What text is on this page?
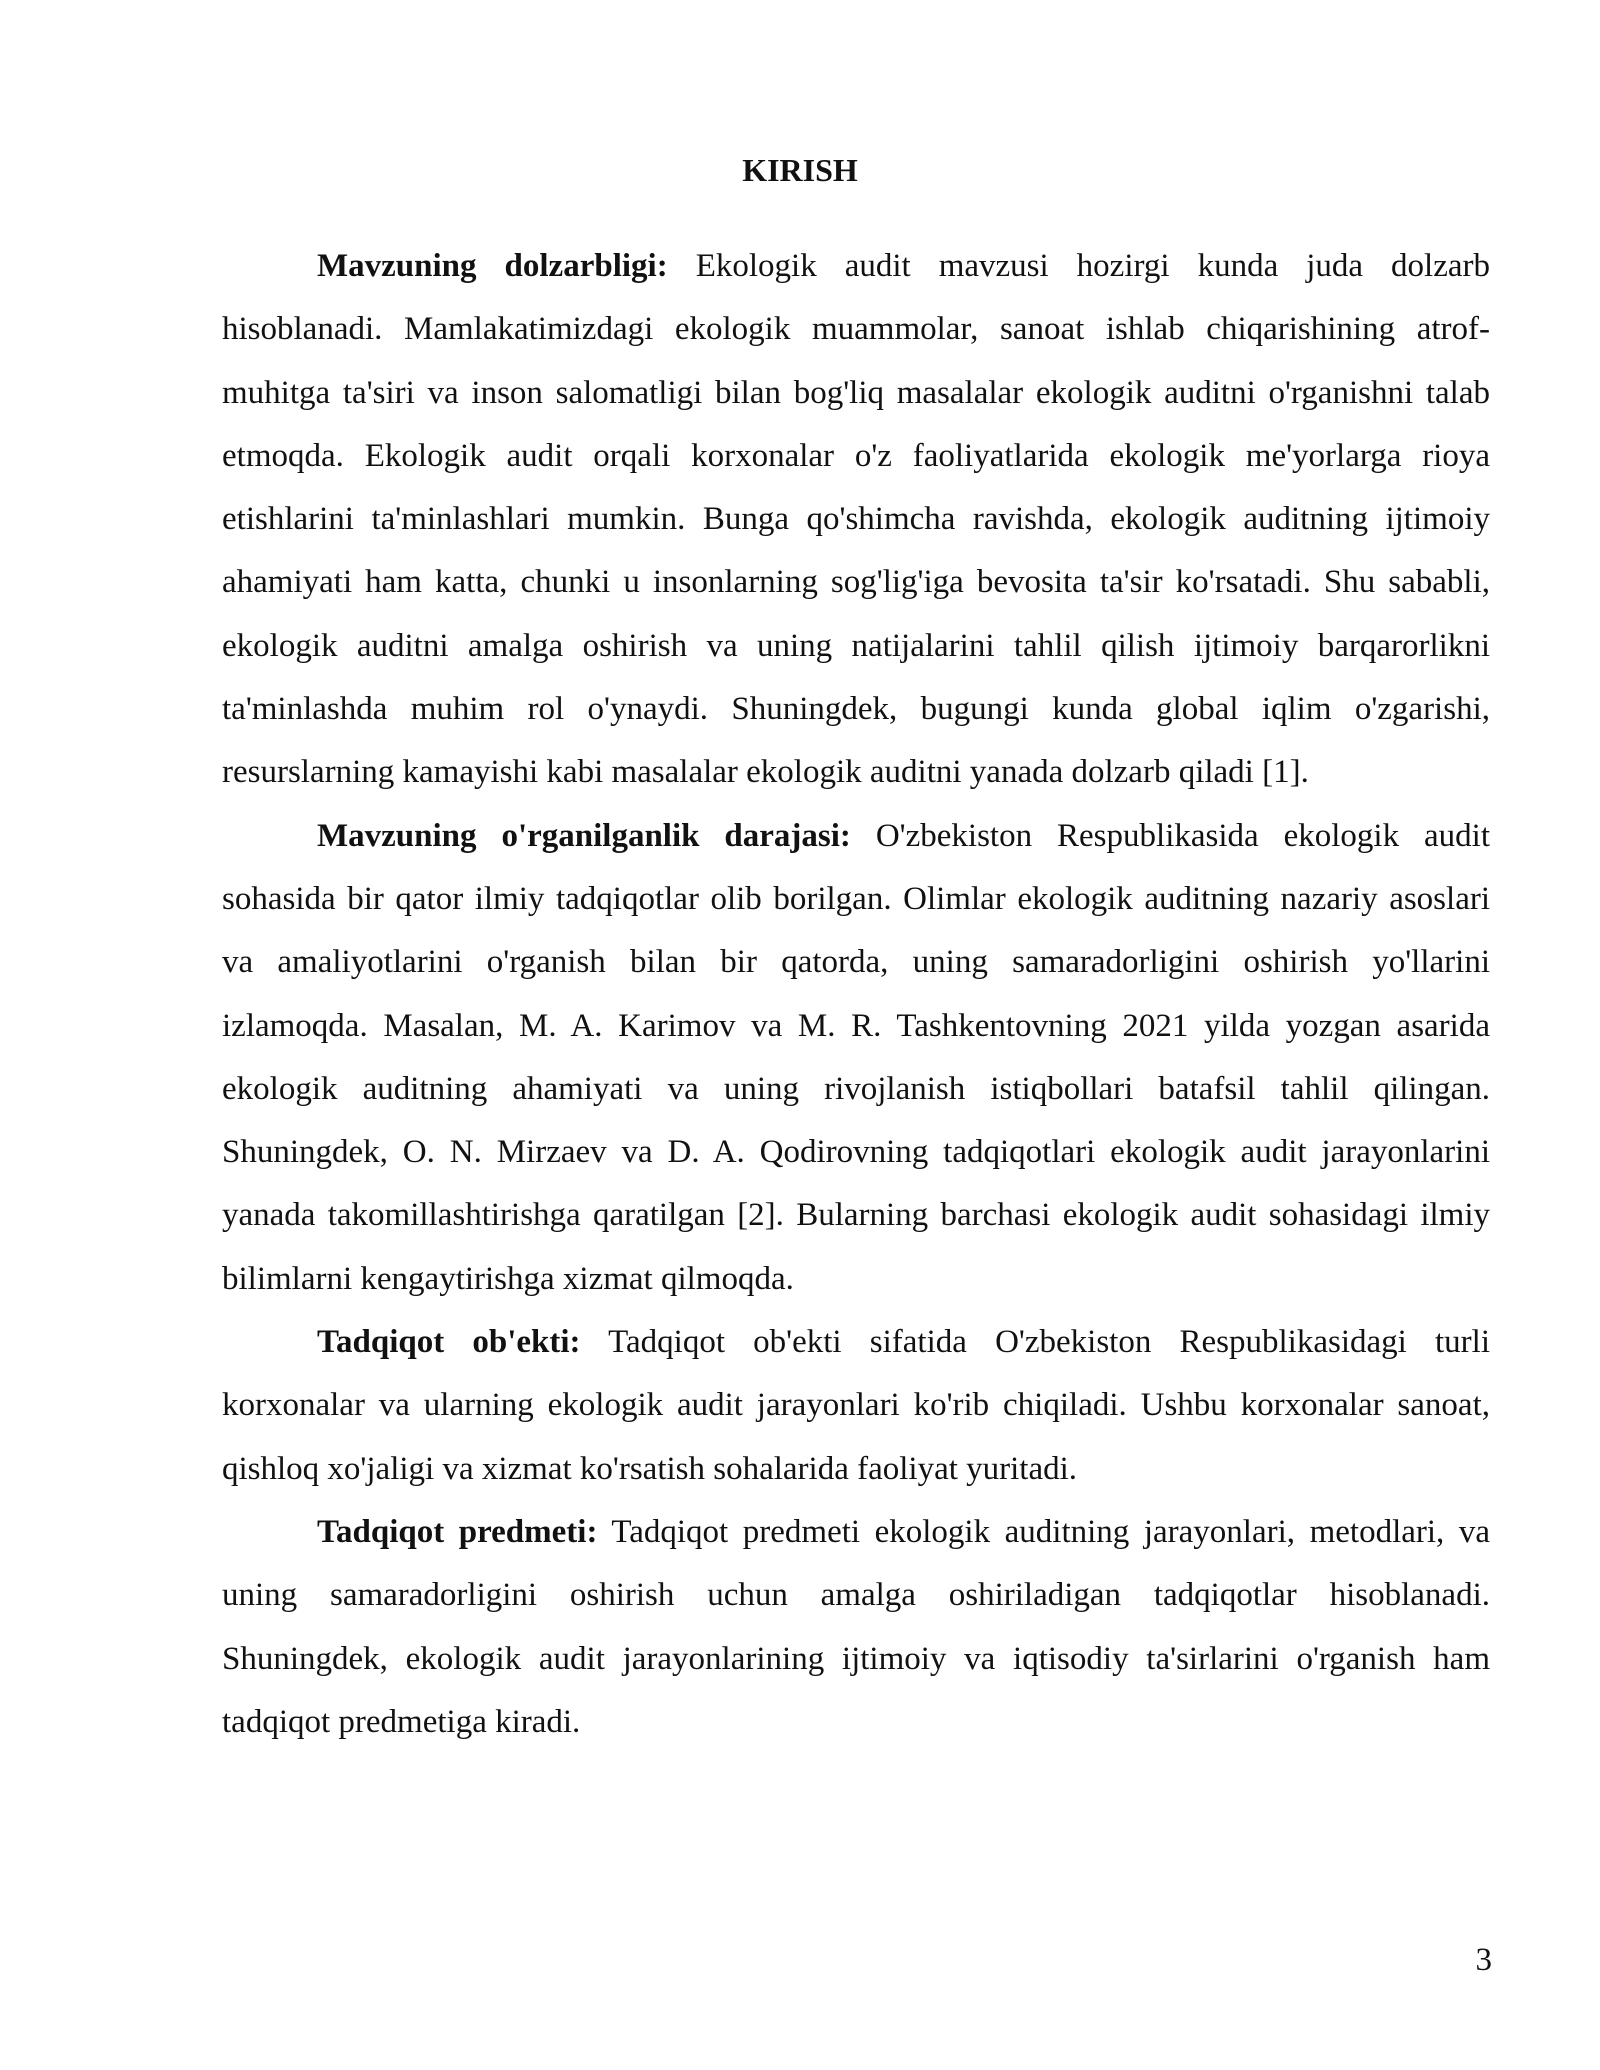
KIRISH

Mavzuning dolzarbligi: Ekologik audit mavzusi hozirgi kunda juda dolzarb hisoblanadi. Mamlakatimizdagi ekologik muammolar, sanoat ishlab chiqarishining atrof-muhitga ta'siri va inson salomatligi bilan bog'liq masalalar ekologik auditni o'rganishni talab etmoqda. Ekologik audit orqali korxonalar o'z faoliyatlarida ekologik me'yorlarga rioya etishlarini ta'minlashlari mumkin. Bunga qo'shimcha ravishda, ekologik auditning ijtimoiy ahamiyati ham katta, chunki u insonlarning sog'lig'iga bevosita ta'sir ko'rsatadi. Shu sababli, ekologik auditni amalga oshirish va uning natijalarini tahlil qilish ijtimoiy barqarorlikni ta'minlashda muhim rol o'ynaydi. Shuningdek, bugungi kunda global iqlim o'zgarishi, resurslarning kamayishi kabi masalalar ekologik auditni yanada dolzarb qiladi [1].

Mavzuning o'rganilganlik darajasi: O'zbekiston Respublikasida ekologik audit sohasida bir qator ilmiy tadqiqotlar olib borilgan. Olimlar ekologik auditning nazariy asoslari va amaliyotlarini o'rganish bilan bir qatorda, uning samaradorligini oshirish yo'llarini izlamoqda. Masalan, M. A. Karimov va M. R. Tashkentovning 2021 yilda yozgan asarida ekologik auditning ahamiyati va uning rivojlanish istiqbollari batafsil tahlil qilingan. Shuningdek, O. N. Mirzaev va D. A. Qodirovning tadqiqotlari ekologik audit jarayonlarini yanada takomillashtirishga qaratilgan [2]. Bularning barchasi ekologik audit sohasidagi ilmiy bilimlarni kengaytirishga xizmat qilmoqda.

Tadqiqot ob'ekti: Tadqiqot ob'ekti sifatida O'zbekiston Respublikasidagi turli korxonalar va ularning ekologik audit jarayonlari ko'rib chiqiladi. Ushbu korxonalar sanoat, qishloq xo'jaligi va xizmat ko'rsatish sohalarida faoliyat yuritadi.

Tadqiqot predmeti: Tadqiqot predmeti ekologik auditning jarayonlari, metodlari, va uning samaradorligini oshirish uchun amalga oshiriladigan tadqiqotlar hisoblanadi. Shuningdek, ekologik audit jarayonlarining ijtimoiy va iqtisodiy ta'sirlarini o'rganish ham tadqiqot predmetiga kiradi.

3
